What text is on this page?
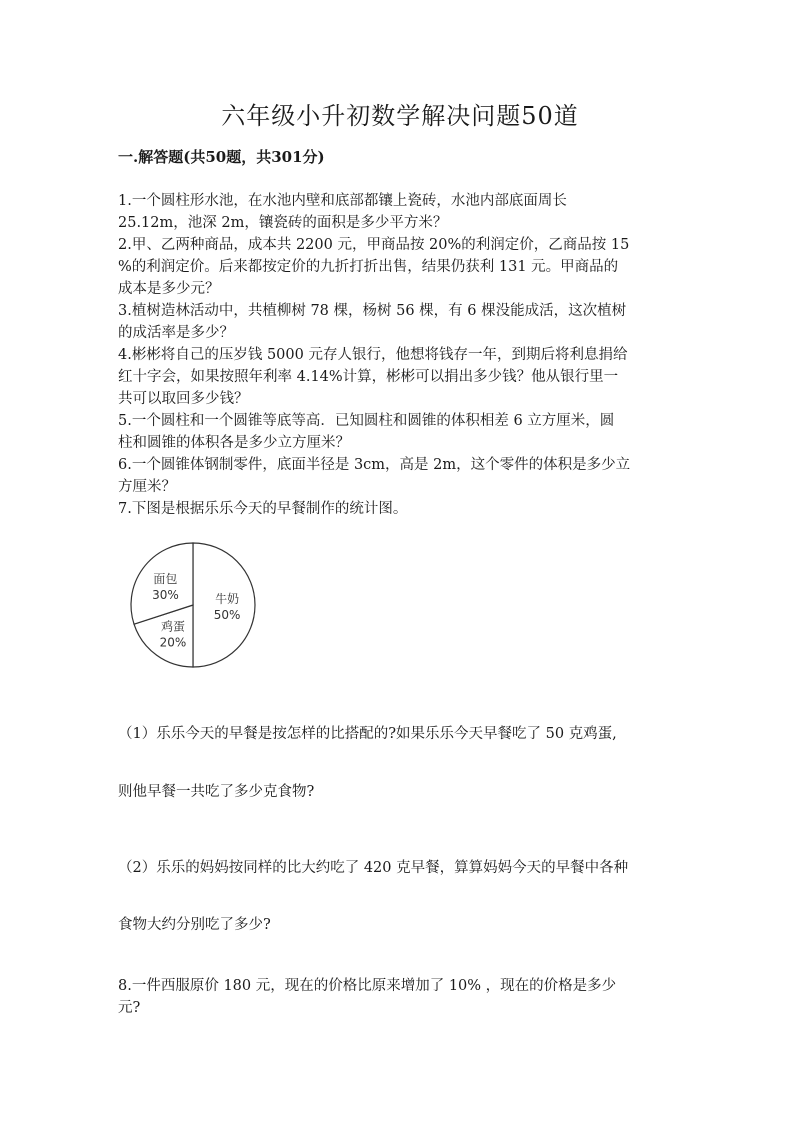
六年级小升初数学解决问题50道
一.解答题(共50题，共301分)
1.一个圆柱形水池，在水池内壁和底部都镶上瓷砖，水池内部底面周长
25.12m，池深 2m，镶瓷砖的面积是多少平方米？
2.甲、乙两种商品，成本共 2200 元，甲商品按 20%的利润定价，乙商品按 15
%的利润定价。后来都按定价的九折打折出售，结果仍获利 131 元。甲商品的
成本是多少元？
3.植树造林活动中，共植柳树 78 棵，杨树 56 棵，有 6 棵没能成活，这次植树
的成活率是多少？
4.彬彬将自己的压岁钱 5000 元存人银行，他想将钱存一年，到期后将利息捐给
红十字会，如果按照年利率 4.14%计算，彬彬可以捐出多少钱？他从银行里一
共可以取回多少钱？
5.一个圆柱和一个圆锥等底等高．已知圆柱和圆锥的体积相差 6 立方厘米，圆
柱和圆锥的体积各是多少立方厘米？
6.一个圆锥体钢制零件，底面半径是 3cm，高是 2m，这个零件的体积是多少立
方厘米？
7.下图是根据乐乐今天的早餐制作的统计图。
牛奶
50%
鸡蛋
20%
面包
30%
（1）乐乐今天的早餐是按怎样的比搭配的?如果乐乐今天早餐吃了 50 克鸡蛋,
则他早餐一共吃了多少克食物?
（2）乐乐的妈妈按同样的比大约吃了 420 克早餐，算算妈妈今天的早餐中各种
食物大约分别吃了多少?
8.一件西服原价 180 元，现在的价格比原来增加了 10% ，现在的价格是多少
元?
